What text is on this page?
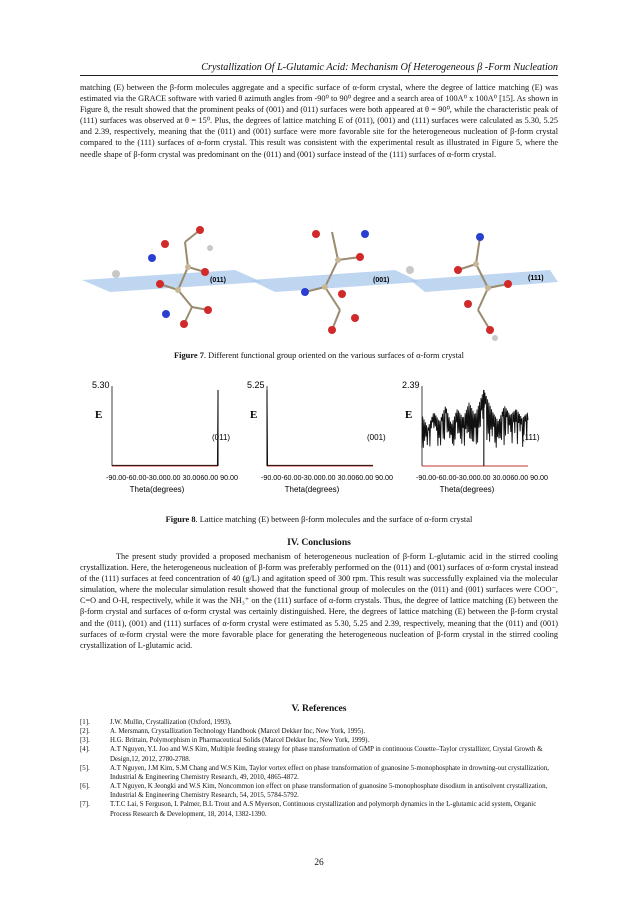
Crystallization Of L-Glutamic Acid: Mechanism Of Heterogeneous β -Form Nucleation

matching (E) between the β-form molecules aggregate and a specific surface of α-form crystal, where the degree of lattice matching (E) was estimated via the GRACE software with varied θ azimuth angles from -90⁰ to 90⁰ degree and a search area of 100A⁰ x 100A⁰ [15]. As shown in Figure 8, the result showed that the prominent peaks of (001) and (011) surfaces were both appeared at θ = 90⁰, while the characteristic peak of (111) surfaces was observed at θ = 15⁰. Plus, the degrees of lattice matching E of (011), (001) and (111) surfaces were calculated as 5.30, 5.25 and 2.39, respectively, meaning that the (011) and (001) surface were more favorable site for the heterogeneous nucleation of β-form crystal compared to the (111) surfaces of α-form crystal. This result was consistent with the experimental result as illustrated in Figure 5, where the needle shape of β-form crystal was predominant on the (011) and (001) surface instead of the (111) surfaces of α-form crystal.

(011)	(001)	(111)
Figure 7. Different functional group oriented on the various surfaces of α-form crystal
5.30
E
(011)
-90.00-60.00-30.000.00 30.0060.00 90.00
Theta(degrees)
5.25
E
(001)
-90.00-60.00-30.000.00 30.0060.00 90.00
Theta(degrees)
2.39
E
(111)
-90.00-60.00-30.000.00 30.0060.00 90.00
Theta(degrees)
Figure 8. Lattice matching (E) between β-form molecules and the surface of α-form crystal
IV. Conclusions

The present study provided a proposed mechanism of heterogeneous nucleation of β-form L-glutamic acid in the stirred cooling crystallization. Here, the heterogeneous nucleation of β-form was preferably performed on the (011) and (001) surfaces of α-form crystal instead of the (111) surfaces at feed concentration of 40 (g/L) and agitation speed of 300 rpm. This result was successfully explained via the molecular simulation, where the molecular simulation result showed that the functional group of molecules on the (011) and (001) surfaces were COO⁻, C=O and O-H, respectively, while it was the NH₃⁺ on the (111) surface of α-form crystals. Thus, the degree of lattice matching (E) between the β-form crystal and surfaces of α-form crystal was certainly distinguished. Here, the degrees of lattice matching (E) between the β-form crystal and the (011), (001) and (111) surfaces of α-form crystal were estimated as 5.30, 5.25 and 2.39, respectively, meaning that the (011) and (001) surfaces of α-form crystal were the more favorable place for generating the heterogeneous nucleation of β-form crystal in the stirred cooling crystallization of L-glutamic acid.

V. References
[1].	J.W. Mullin, Crystallization (Oxford, 1993).
[2].	A. Mersmann, Crystallization Technology Handbook (Marcel Dekker Inc, New York, 1995).
[3].	H.G. Brittain, Polymorphism in Pharmaceutical Solids (Marcel Dekker Inc, New York, 1999).
[4].	A.T Nguyen, Y.L Joo and W.S Kim, Multiple feeding strategy for phase transformation of GMP in continuous Couette–Taylor crystallizer, Crystal Growth & Design,12, 2012, 2780-2788.
[5].	A.T Nguyen, J.M Kim, S.M Chang and W.S Kim, Taylor vortex effect on phase transformation of guanosine 5-monophosphate in drowning-out crystallization, Industrial & Engineering Chemistry Research, 49, 2010, 4865-4872.
[6].	A.T Nguyen, K Jeongki and W.S Kim, Noncommon ion effect on phase transformation of guanosine 5-monophosphate disodium in antisolvent crystallization, Industrial & Engineering Chemistry Research, 54, 2015, 5784-5792.
[7].	T.T.C Lai, S Ferguson, L Palmer, B.L Trout and A.S Myerson, Continuous crystallization and polymorph dynamics in the L-glutamic acid system, Organic Process Research & Development, 18, 2014, 1382-1390.
26
